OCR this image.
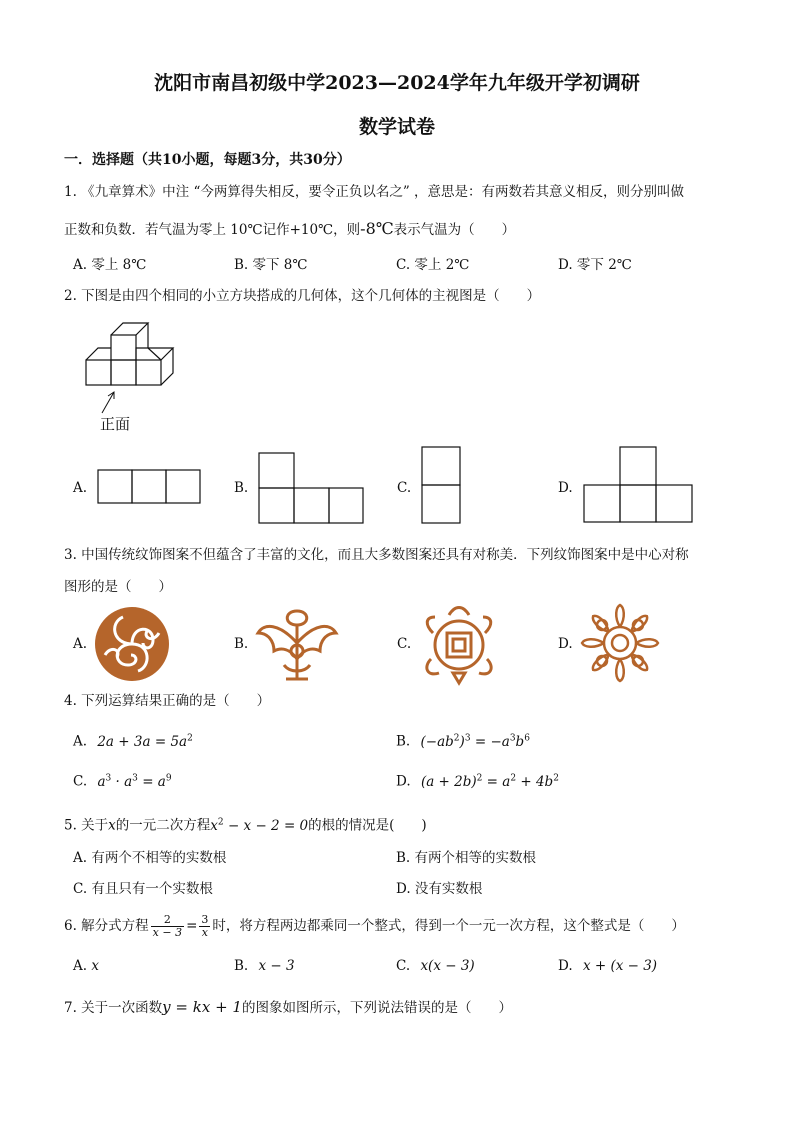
沈阳市南昌初级中学2023—2024学年九年级开学初调研
数学试卷
一．选择题（共10小题，每题3分，共30分）
1. 《九章算术》中注 “今两算得失相反，要令正负以名之” ，意思是：有两数若其意义相反，则分别叫做
正数和负数．若气温为零上 10℃记作+10℃，则-8℃表示气温为（　　）
A. 零上 8℃	B. 零下 8℃	C. 零上 2℃	D. 零下 2℃
2. 下图是由四个相同的小立方块搭成的几何体，这个几何体的主视图是（　　）
正面
A.	B.	C.	D.
3. 中国传统纹饰图案不但蕴含了丰富的文化，而且大多数图案还具有对称美．下列纹饰图案中是中心对称
图形的是（　　）
A.	B.	C.	D.
4. 下列运算结果正确的是（　　）
A. $2a + 3a = 5a^2$	B. $(-ab^2)^3 = -a^3b^6$
C. $a^3 \cdot a^3 = a^9$	D. $(a + 2b)^2 = a^2 + 4b^2$
5. 关于x的一元二次方程$x^2 - x - 2 = 0$的根的情况是(　　)
A. 有两个不相等的实数根	B. 有两个相等的实数根
C. 有且只有一个实数根	D. 没有实数根
6. 解分式方程 $\frac{2}{x - 3} = \frac{3}{x}$ 时，将方程两边都乘同一个整式，得到一个一元一次方程，这个整式是（　　）
A. x	B. x − 3	C. x(x − 3)	D. x + (x − 3)
7. 关于一次函数y = kx + 1的图象如图所示，下列说法错误的是（　　）
